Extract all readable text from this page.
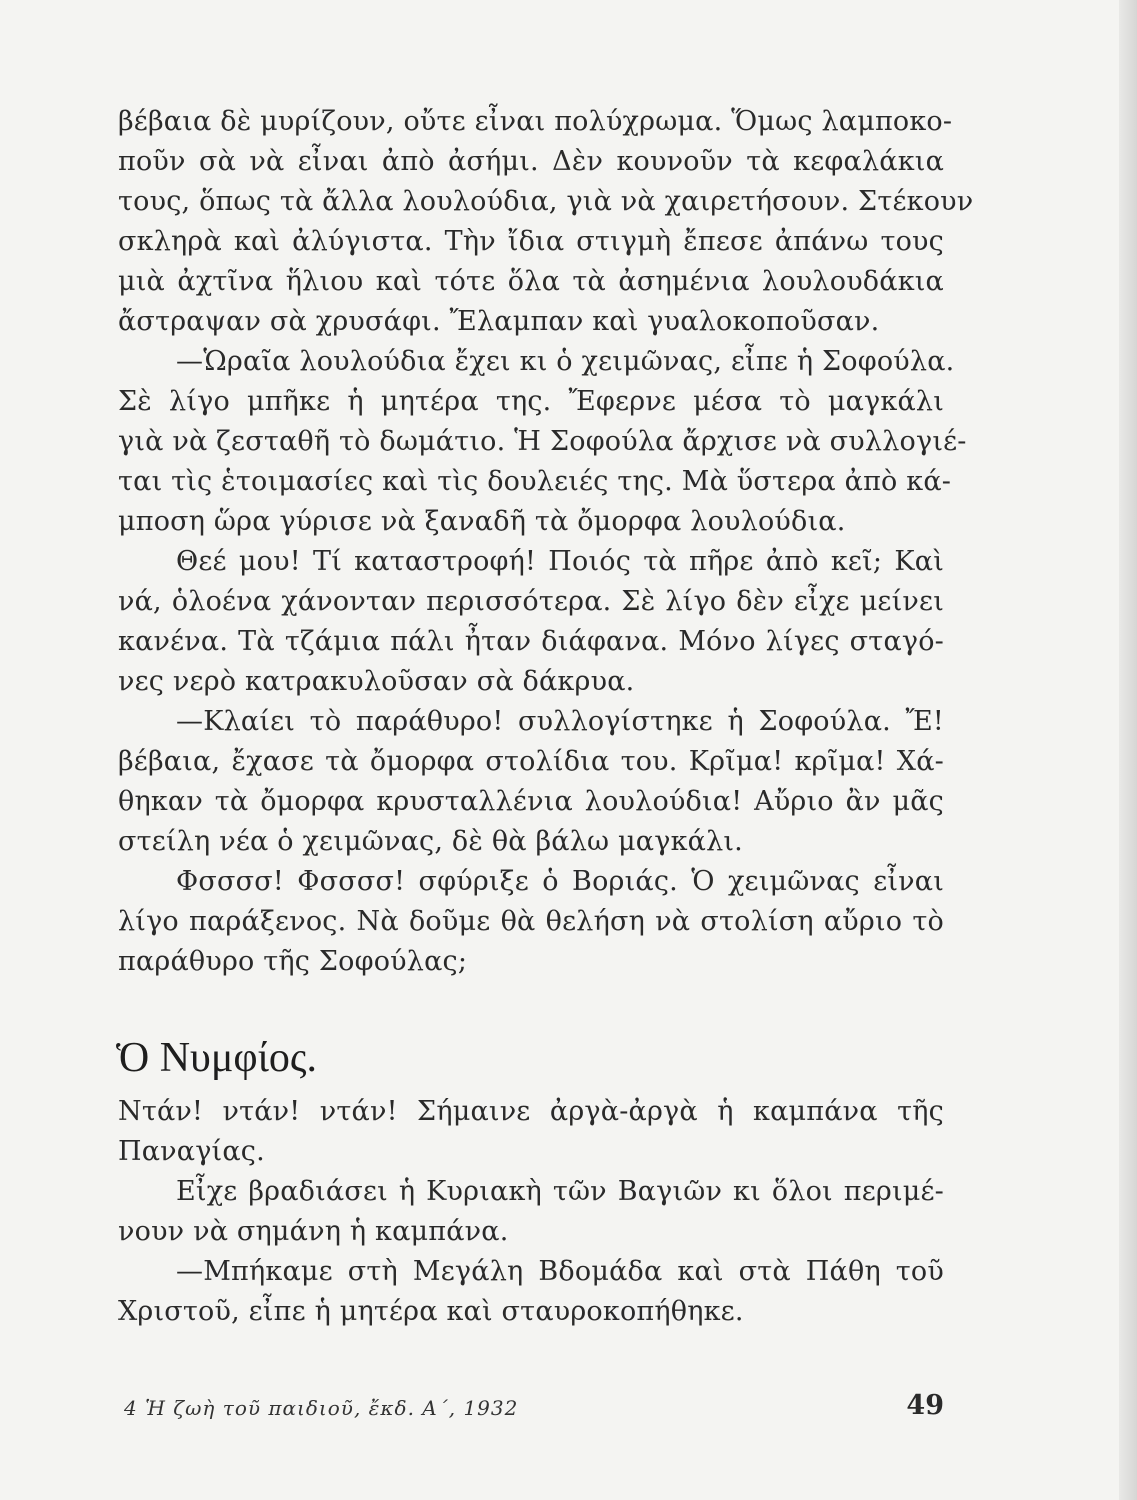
βέβαια δὲ μυρίζουν, οὔτε εἶναι πολύχρωμα. Ὅμως λαμποκο-
ποῦν σὰ νὰ εἶναι ἀπὸ ἀσήμι. Δὲν κουνοῦν τὰ κεφαλάκια
τους, ὅπως τὰ ἄλλα λουλούδια, γιὰ νὰ χαιρετήσουν. Στέκουν
σκληρὰ καὶ ἀλύγιστα. Τὴν ἴδια στιγμὴ ἔπεσε ἀπάνω τους
μιὰ ἀχτῖνα ἥλιου καὶ τότε ὅλα τὰ ἀσημένια λουλουδάκια
ἄστραψαν σὰ χρυσάφι. Ἔλαμπαν καὶ γυαλοκοποῦσαν.
—Ὡραῖα λουλούδια ἔχει κι ὁ χειμῶνας, εἶπε ἡ Σοφούλα.
Σὲ λίγο μπῆκε ἡ μητέρα της. Ἔφερνε μέσα τὸ μαγκάλι
γιὰ νὰ ζεσταθῆ τὸ δωμάτιο. Ἡ Σοφούλα ἄρχισε νὰ συλλογιέ-
ται τὶς ἑτοιμασίες καὶ τὶς δουλειές της. Μὰ ὕστερα ἀπὸ κά-
μποση ὥρα γύρισε νὰ ξαναδῆ τὰ ὄμορφα λουλούδια.
Θεέ μου! Τί καταστροφή! Ποιός τὰ πῆρε ἀπὸ κεῖ; Καὶ
νά, ὁλοένα χάνονταν περισσότερα. Σὲ λίγο δὲν εἶχε μείνει
κανένα. Τὰ τζάμια πάλι ἦταν διάφανα. Μόνο λίγες σταγό-
νες νερὸ κατρακυλοῦσαν σὰ δάκρυα.
—Κλαίει τὸ παράθυρο! συλλογίστηκε ἡ Σοφούλα. Ἔ!
βέβαια, ἔχασε τὰ ὄμορφα στολίδια του. Κρῖμα! κρῖμα! Χά-
θηκαν τὰ ὄμορφα κρυσταλλένια λουλούδια! Αὔριο ἂν μᾶς
στείλη νέα ὁ χειμῶνας, δὲ θὰ βάλω μαγκάλι.
Φσσσσ! Φσσσσ! σφύριξε ὁ Βοριάς. Ὁ χειμῶνας εἶναι
λίγο παράξενος. Νὰ δοῦμε θὰ θελήση νὰ στολίση αὔριο τὸ
παράθυρο τῆς Σοφούλας;
Ὁ Νυμφίος.
Ντάν! ντάν! ντάν! Σήμαινε ἀργὰ-ἀργὰ ἡ καμπάνα τῆς
Παναγίας.
Εἶχε βραδιάσει ἡ Κυριακὴ τῶν Βαγιῶν κι ὅλοι περιμέ-
νουν νὰ σημάνη ἡ καμπάνα.
—Μπήκαμε στὴ Μεγάλη Βδομάδα καὶ στὰ Πάθη τοῦ
Χριστοῦ, εἶπε ἡ μητέρα καὶ σταυροκοπήθηκε.
4 Ἡ ζωὴ τοῦ παιδιοῦ, ἔκδ. Α΄, 1932	49
